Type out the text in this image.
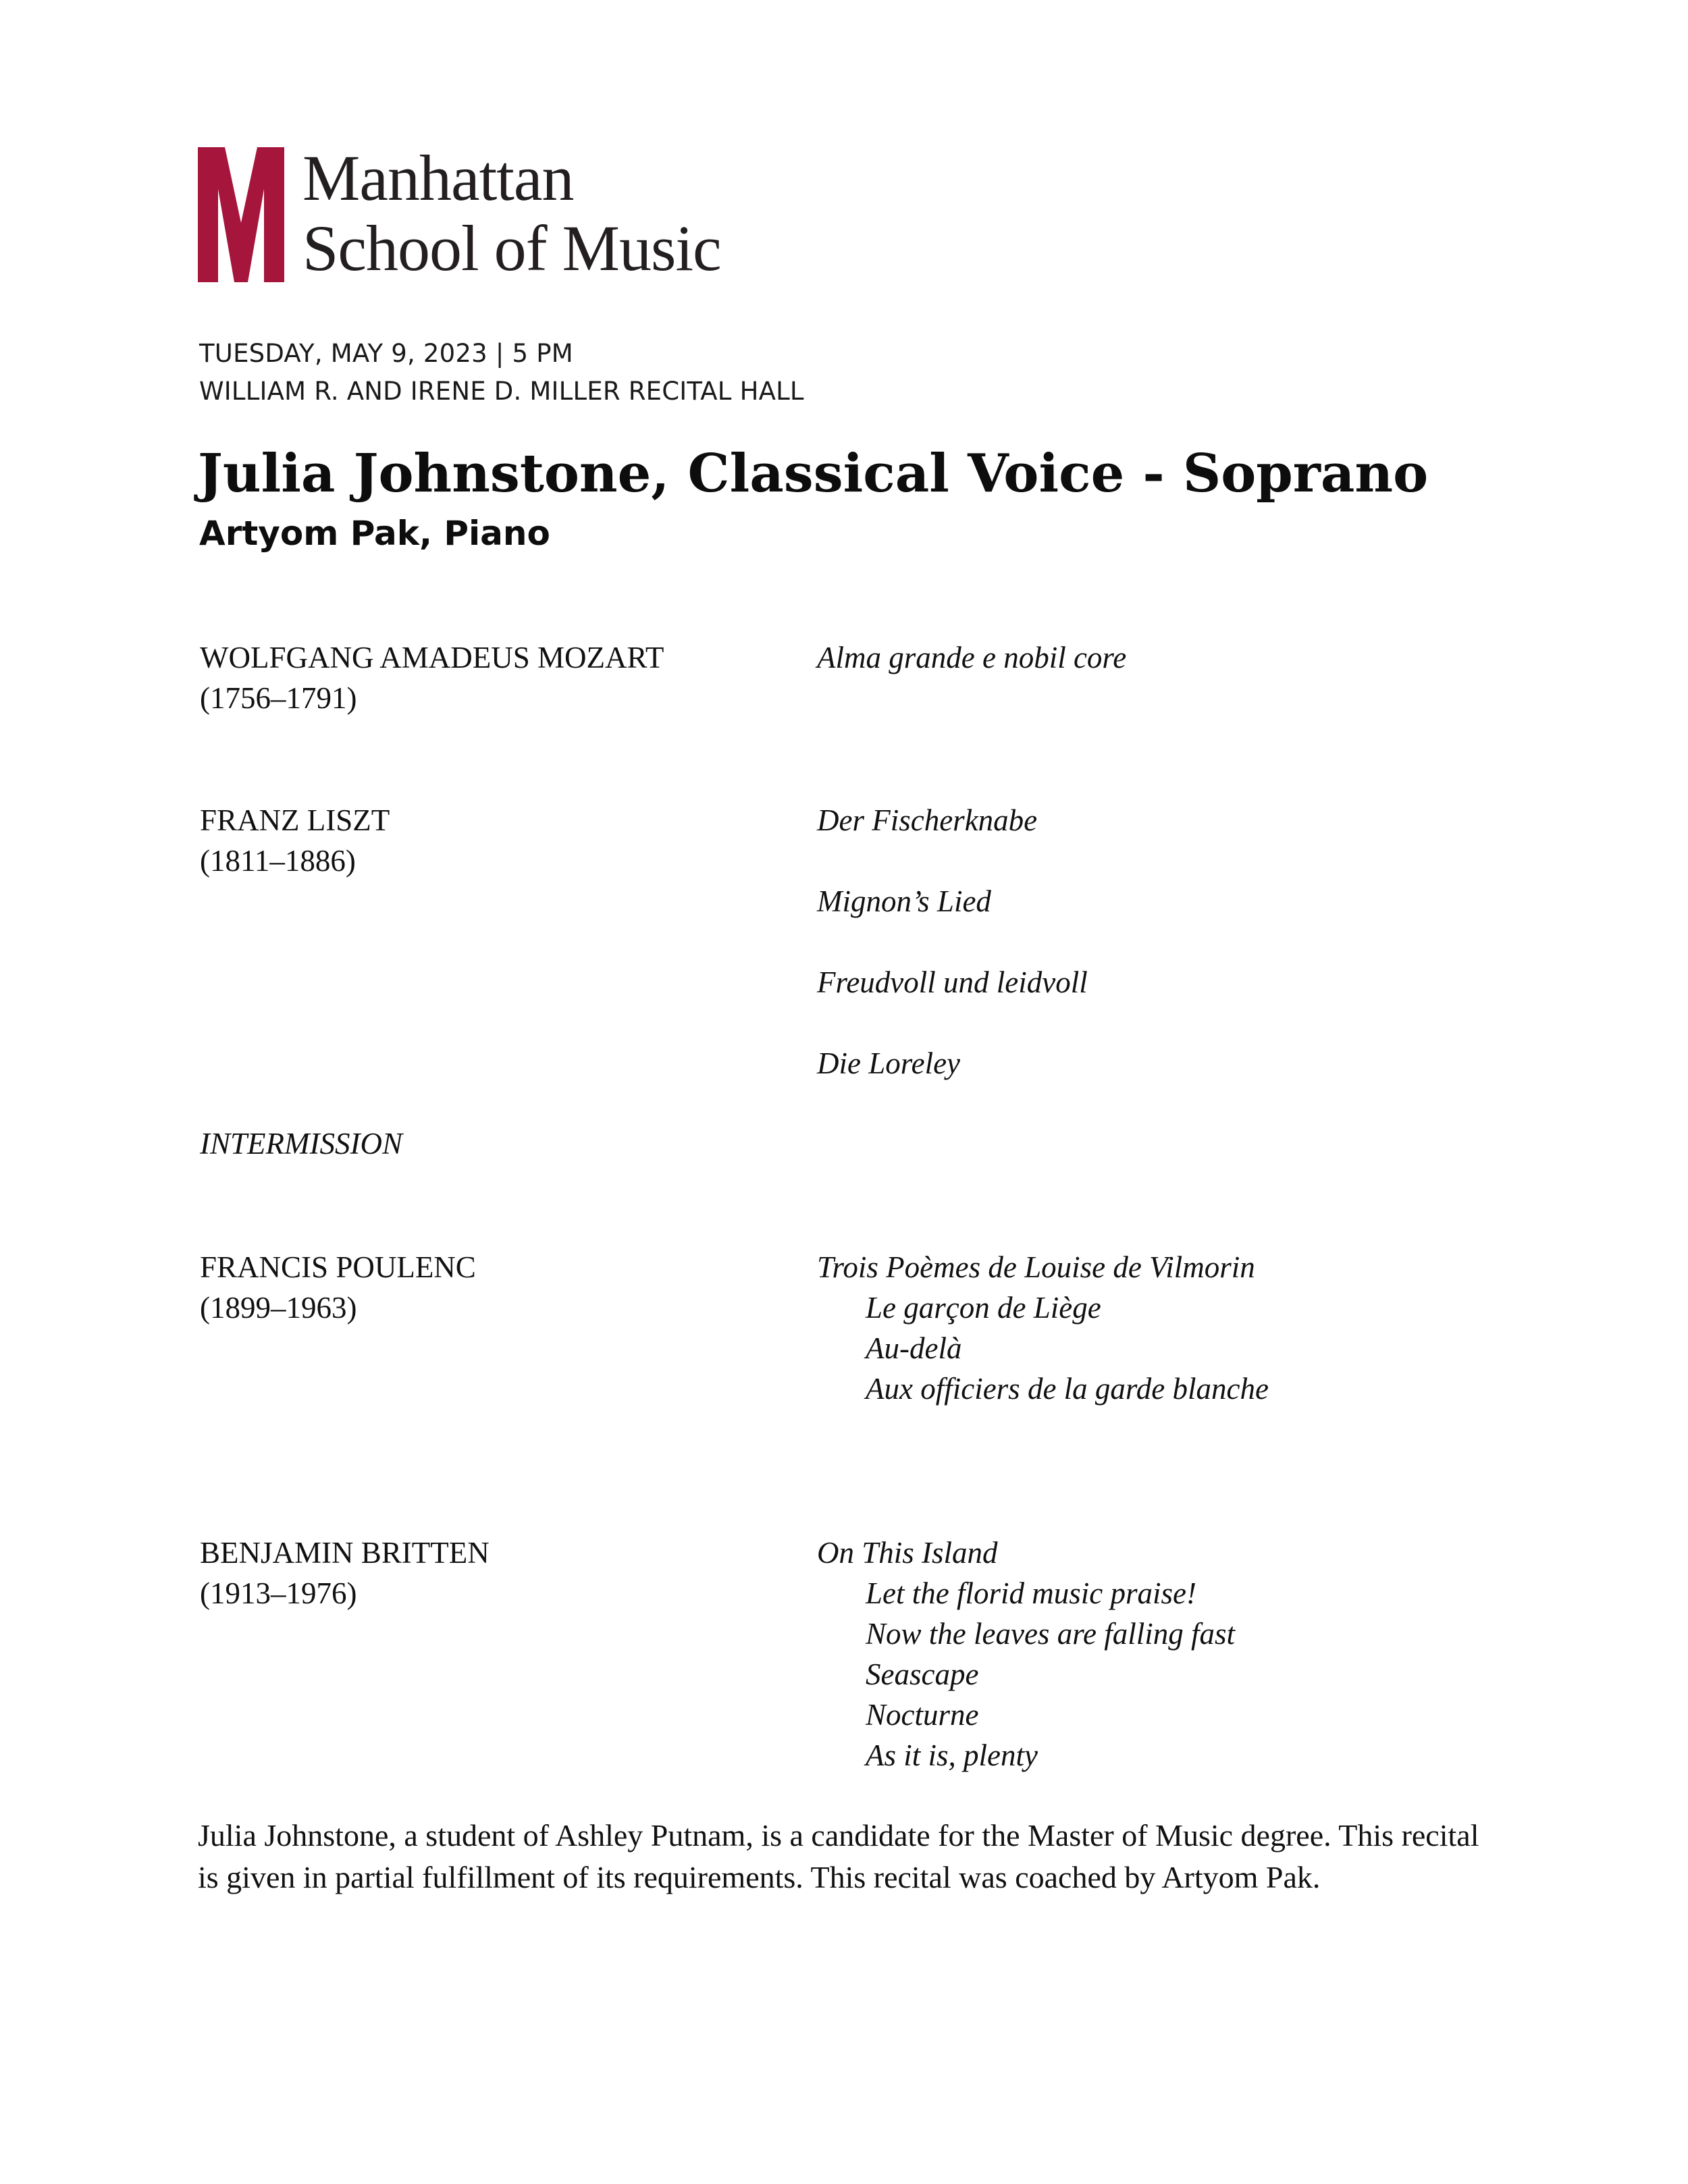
Manhattan
School of Music
TUESDAY, MAY 9, 2023 | 5 PM
WILLIAM R. AND IRENE D. MILLER RECITAL HALL
Julia Johnstone, Classical Voice - Soprano
Artyom Pak, Piano
WOLFGANG AMADEUS MOZART
(1756–1791)
Alma grande e nobil core
FRANZ LISZT
(1811–1886)
Der Fischerknabe
Mignon’s Lied
Freudvoll und leidvoll
Die Loreley
INTERMISSION
FRANCIS POULENC
(1899–1963)
Trois Poèmes de Louise de Vilmorin
Le garçon de Liège
Au-delà
Aux officiers de la garde blanche
BENJAMIN BRITTEN
(1913–1976)
On This Island
Let the florid music praise!
Now the leaves are falling fast
Seascape
Nocturne
As it is, plenty
Julia Johnstone, a student of Ashley Putnam, is a candidate for the Master of Music degree. This recital is given in partial fulfillment of its requirements. This recital was coached by Artyom Pak.
